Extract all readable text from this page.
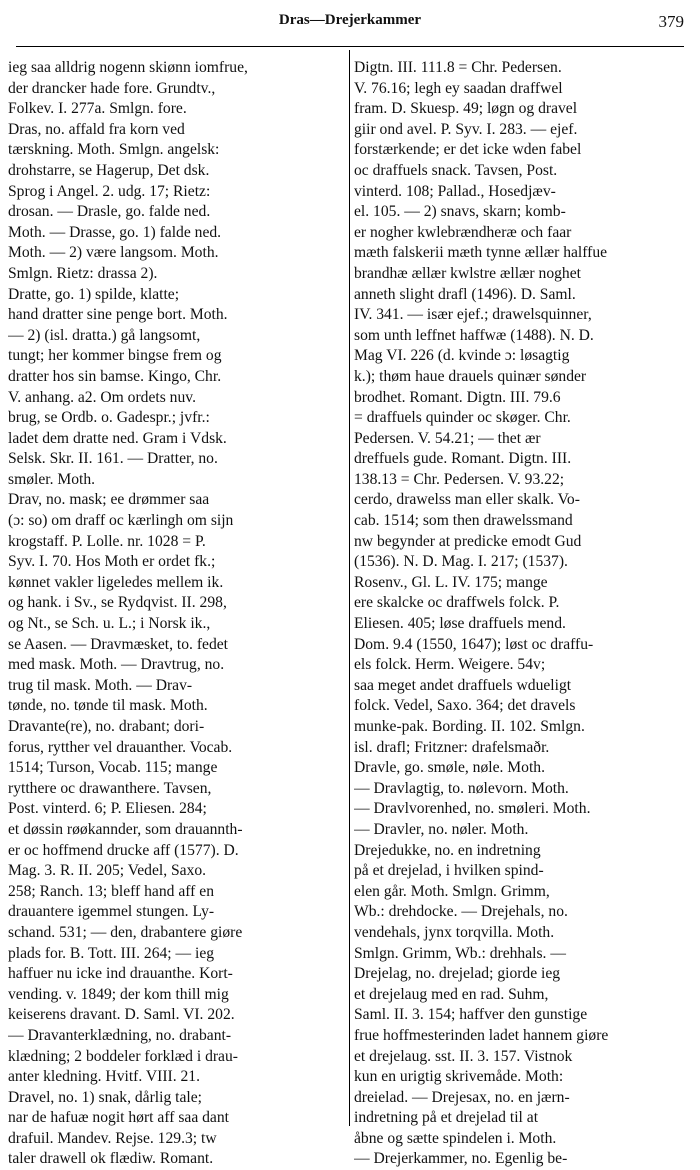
Dras—Drejerkammer	379
ieg saa alldrig nogenn skiønn iomfrue,
der drancker hade fore. Grundtv.,
Folkev. I. 277a. Smlgn. fore.
Dras, no. affald fra korn ved
tærskning. Moth. Smlgn. angelsk:
drohstarre, se Hagerup, Det dsk.
Sprog i Angel. 2. udg. 17; Rietz:
drosan. — Drasle, go. falde ned.
Moth. — Drasse, go. 1) falde ned.
Moth. — 2) være langsom. Moth.
Smlgn. Rietz: drassa 2).
Dratte, go. 1) spilde, klatte;
hand dratter sine penge bort. Moth.
— 2) (isl. dratta.) gå langsomt,
tungt; her kommer bingse frem og
dratter hos sin bamse. Kingo, Chr.
V. anhang. a2. Om ordets nuv.
brug, se Ordb. o. Gadespr.; jvfr.:
ladet dem dratte ned. Gram i Vdsk.
Selsk. Skr. II. 161. — Dratter, no.
smøler. Moth.
Drav, no. mask; ee drømmer saa
(ɔ: so) om draff oc kærlingh om sijn
krogstaff. P. Lolle. nr. 1028 = P.
Syv. I. 70. Hos Moth er ordet fk.;
kønnet vakler ligeledes mellem ik.
og hank. i Sv., se Rydqvist. II. 298,
og Nt., se Sch. u. L.; i Norsk ik.,
se Aasen. — Dravmæsket, to. fedet
med mask. Moth. — Dravtrug, no.
trug til mask. Moth. — Drav-
tønde, no. tønde til mask. Moth.
Dravante(re), no. drabant; dori-
forus, rytther vel drauanther. Vocab.
1514; Turson, Vocab. 115; mange
rytthere oc drawanthere. Tavsen,
Post. vinterd. 6; P. Eliesen. 284;
et døssin røøkannder, som drauannth-
er oc hoffmend drucke aff (1577). D.
Mag. 3. R. II. 205; Vedel, Saxo.
258; Ranch. 13; bleff hand aff en
drauantere igemmel stungen. Ly-
schand. 531; — den, drabantere giøre
plads for. B. Tott. III. 264; — ieg
haffuer nu icke ind drauanthe. Kort-
vending. v. 1849; der kom thill mig
keiserens dravant. D. Saml. VI. 202.
— Dravanterklædning, no. drabant-
klædning; 2 boddeler forklæd i drau-
anter kledning. Hvitf. VIII. 21.
Dravel, no. 1) snak, dårlig tale;
nar de hafuæ nogit hørt aff saa dant
drafuil. Mandev. Rejse. 129.3; tw
taler drawell ok flædiw. Romant.
Digtn. III. 111.8 = Chr. Pedersen.
V. 76.16; legh ey saadan draffwel
fram. D. Skuesp. 49; løgn og dravel
giir ond avel. P. Syv. I. 283. — ejef.
forstærkende; er det icke wden fabel
oc draffuels snack. Tavsen, Post.
vinterd. 108; Pallad., Hosedjæv-
el. 105. — 2) snavs, skarn; komb-
er nogher kwlebrændheræ och faar
mæth falskerii mæth tynne ællær halffue
brandhæ ællær kwlstre ællær noghet
anneth slight drafl (1496). D. Saml.
IV. 341. — især ejef.; drawelsquinner,
som unth leffnet haffwæ (1488). N. D.
Mag VI. 226 (d. kvinde ɔ: løsagtig
k.); thøm haue drauels quinær sønder
brodhet. Romant. Digtn. III. 79.6
= draffuels quinder oc skøger. Chr.
Pedersen. V. 54.21; — thet ær
dreffuels gude. Romant. Digtn. III.
138.13 = Chr. Pedersen. V. 93.22;
cerdo, drawelss man eller skalk. Vo-
cab. 1514; som then drawelssmand
nw begynder at predicke emodt Gud
(1536). N. D. Mag. I. 217; (1537).
Rosenv., Gl. L. IV. 175; mange
ere skalcke oc draffwels folck. P.
Eliesen. 405; løse draffuels mend.
Dom. 9.4 (1550, 1647); løst oc draffu-
els folck. Herm. Weigere. 54v;
saa meget andet draffuels wdueligt
folck. Vedel, Saxo. 364; det dravels
munke-pak. Bording. II. 102. Smlgn.
isl. drafl; Fritzner: drafelsmaðr.
Dravle, go. smøle, nøle. Moth.
— Dravlagtig, to. nølevorn. Moth.
— Dravlvorenhed, no. smøleri. Moth.
— Dravler, no. nøler. Moth.
Drejedukke, no. en indretning
på et drejelad, i hvilken spind-
elen går. Moth. Smlgn. Grimm,
Wb.: drehdocke. — Drejehals, no.
vendehals, jynx torqvilla. Moth.
Smlgn. Grimm, Wb.: drehhals. —
Drejelag, no. drejelad; giorde ieg
et drejelaug med en rad. Suhm,
Saml. II. 3. 154; haffver den gunstige
frue hoffmesterinden ladet hannem giøre
et drejelaug. sst. II. 3. 157. Vistnok
kun en urigtig skrivemåde. Moth:
dreielad. — Drejesax, no. en jærn-
indretning på et drejelad til at
åbne og sætte spindelen i. Moth.
— Drejerkammer, no. Egenlig be-
